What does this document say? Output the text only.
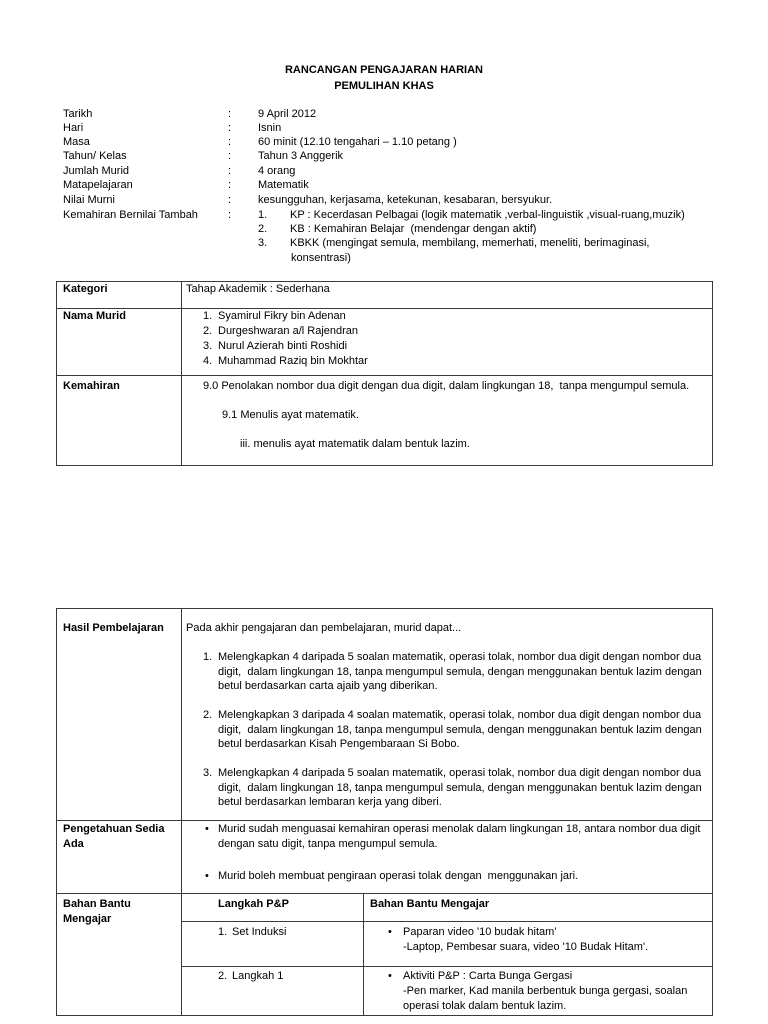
RANCANGAN PENGAJARAN HARIAN
PEMULIHAN KHAS
Tarikh	: 9 April 2012
Hari	: Isnin
Masa	: 60 minit (12.10 tengahari – 1.10 petang )
Tahun/ Kelas	: Tahun 3 Anggerik
Jumlah Murid	: 4 orang
Matapelajaran	: Matematik
Nilai Murni	: kesungguhan, kerjasama, ketekunan, kesabaran, bersyukur.
Kemahiran Bernilai Tambah	: 1. KP : Kecerdasan Pelbagai (logik matematik ,verbal-linguistik ,visual-ruang,muzik)
2. KB : Kemahiran Belajar  (mendengar dengan aktif)
3. KBKK (mengingat semula, membilang, memerhati, meneliti, berimaginasi,
konsentrasi)
Kategori	Tahap Akademik : Sederhana
Nama Murid	1. Syamirul Fikry bin Adenan
2. Durgeshwaran a/l Rajendran
3. Nurul Azierah binti Roshidi
4. Muhammad Raziq bin Mokhtar
Kemahiran	9.0 Penolakan nombor dua digit dengan dua digit, dalam lingkungan 18,  tanpa mengumpul semula.
9.1 Menulis ayat matematik.
iii. menulis ayat matematik dalam bentuk lazim.
Hasil Pembelajaran Pada akhir pengajaran dan pembelajaran, murid dapat...
1. Melengkapkan 4 daripada 5 soalan matematik, operasi tolak, nombor dua digit dengan nombor dua
digit,  dalam lingkungan 18, tanpa mengumpul semula, dengan menggunakan bentuk lazim dengan
betul berdasarkan carta ajaib yang diberikan.
2. Melengkapkan 3 daripada 4 soalan matematik, operasi tolak, nombor dua digit dengan nombor dua
digit,  dalam lingkungan 18, tanpa mengumpul semula, dengan menggunakan bentuk lazim dengan
betul berdasarkan Kisah Pengembaraan Si Bobo.
3. Melengkapkan 4 daripada 5 soalan matematik, operasi tolak, nombor dua digit dengan nombor dua
digit,  dalam lingkungan 18, tanpa mengumpul semula, dengan menggunakan bentuk lazim dengan
betul berdasarkan lembaran kerja yang diberi.
Pengetahuan Sedia
Ada
• Murid sudah menguasai kemahiran operasi menolak dalam lingkungan 18, antara nombor dua digit
dengan satu digit, tanpa mengumpul semula.
• Murid boleh membuat pengiraan operasi tolak dengan  menggunakan jari.
Bahan Bantu
Mengajar
Langkah P&P	Bahan Bantu Mengajar
1. Set Induksi	• Paparan video '10 budak hitam'
-Laptop, Pembesar suara, video '10 Budak Hitam'.
2. Langkah 1	• Aktiviti P&P : Carta Bunga Gergasi
-Pen marker, Kad manila berbentuk bunga gergasi, soalan
operasi tolak dalam bentuk lazim.
